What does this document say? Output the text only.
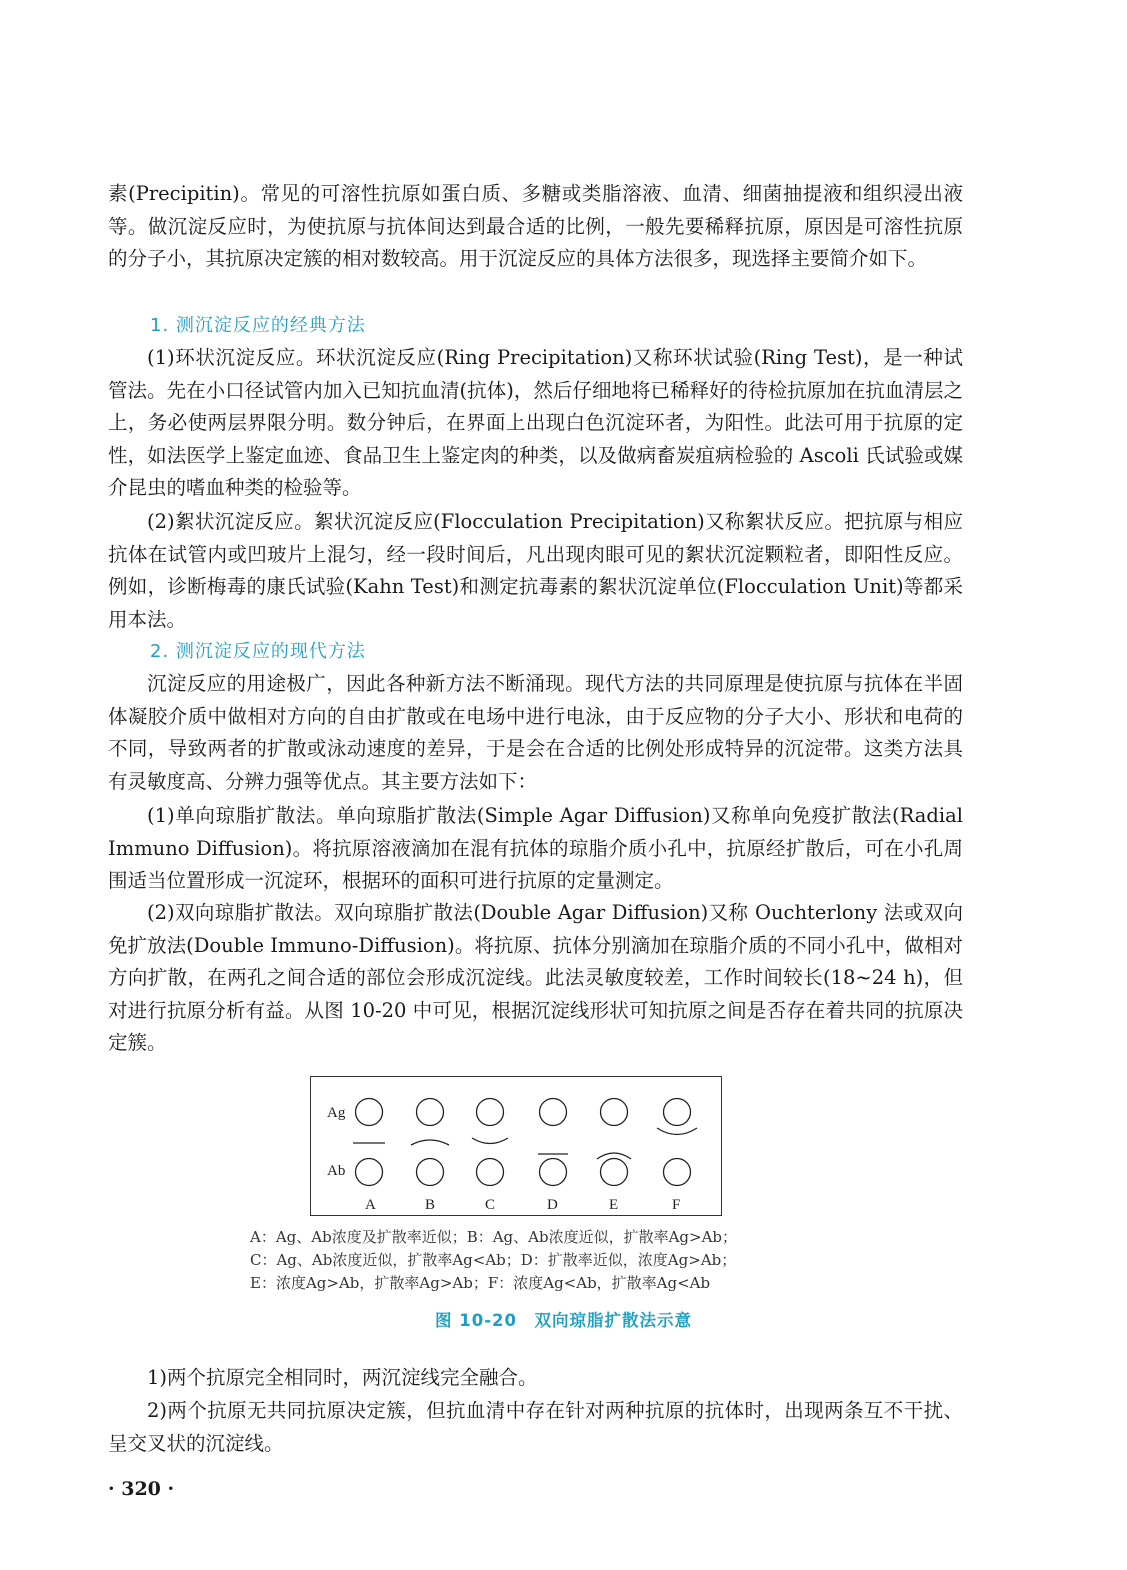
素(Precipitin)。常见的可溶性抗原如蛋白质、多糖或类脂溶液、血清、细菌抽提液和组织浸出液等。做沉淀反应时，为使抗原与抗体间达到最合适的比例，一般先要稀释抗原，原因是可溶性抗原的分子小，其抗原决定簇的相对数较高。用于沉淀反应的具体方法很多，现选择主要简介如下。

1. 测沉淀反应的经典方法

(1)环状沉淀反应。环状沉淀反应(Ring Precipitation)又称环状试验(Ring Test)，是一种试管法。先在小口径试管内加入已知抗血清(抗体)，然后仔细地将已稀释好的待检抗原加在抗血清层之上，务必使两层界限分明。数分钟后，在界面上出现白色沉淀环者，为阳性。此法可用于抗原的定性，如法医学上鉴定血迹、食品卫生上鉴定肉的种类，以及做病畜炭疽病检验的 Ascoli 氏试验或媒介昆虫的嗜血种类的检验等。

(2)絮状沉淀反应。絮状沉淀反应(Flocculation Precipitation)又称絮状反应。把抗原与相应抗体在试管内或凹玻片上混匀，经一段时间后，凡出现肉眼可见的絮状沉淀颗粒者，即阳性反应。例如，诊断梅毒的康氏试验(Kahn Test)和测定抗毒素的絮状沉淀单位(Flocculation Unit)等都采用本法。

2. 测沉淀反应的现代方法

沉淀反应的用途极广，因此各种新方法不断涌现。现代方法的共同原理是使抗原与抗体在半固体凝胶介质中做相对方向的自由扩散或在电场中进行电泳，由于反应物的分子大小、形状和电荷的不同，导致两者的扩散或泳动速度的差异，于是会在合适的比例处形成特异的沉淀带。这类方法具有灵敏度高、分辨力强等优点。其主要方法如下：

(1)单向琼脂扩散法。单向琼脂扩散法(Simple Agar Diffusion)又称单向免疫扩散法(Radial Immuno Diffusion)。将抗原溶液滴加在混有抗体的琼脂介质小孔中，抗原经扩散后，可在小孔周围适当位置形成一沉淀环，根据环的面积可进行抗原的定量测定。

(2)双向琼脂扩散法。双向琼脂扩散法(Double Agar Diffusion)又称 Ouchterlony 法或双向免扩放法(Double Immuno-Diffusion)。将抗原、抗体分别滴加在琼脂介质的不同小孔中，做相对方向扩散，在两孔之间合适的部位会形成沉淀线。此法灵敏度较差，工作时间较长(18~24 h)，但对进行抗原分析有益。从图 10-20 中可见，根据沉淀线形状可知抗原之间是否存在着共同的抗原决定簇。

Ag
Ab
A	B	C	D	E	F

A：Ag、Ab浓度及扩散率近似；B：Ag、Ab浓度近似，扩散率Ag>Ab；

C：Ag、Ab浓度近似，扩散率Ag<Ab；D：扩散率近似，浓度Ag>Ab；

E：浓度Ag>Ab，扩散率Ag>Ab；F：浓度Ag<Ab，扩散率Ag<Ab

图 10-20　双向琼脂扩散法示意

1)两个抗原完全相同时，两沉淀线完全融合。

2)两个抗原无共同抗原决定簇，但抗血清中存在针对两种抗原的抗体时，出现两条互不干扰、呈交叉状的沉淀线。

· 320 ·
